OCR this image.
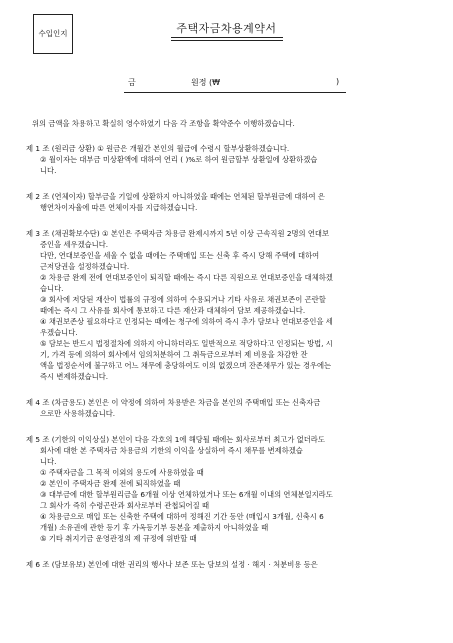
수입인지	주택자금차용계약서
금	원정 (₩	)

위의 금액을 차용하고 확실히 영수하였기 다음 각 조항을 확약준수 이행하겠습니다.

제 1 조 (원리금 상환) ① 원금은 개월간 본인의 월급에 수령시 할부상환하겠습니다.
② 월이자는 대부금 미상환액에 대하여 연리 ( )%로 하여 원금할부 상환일에 상환하겠습
니다.
제 2 조 (연체이자) 할부금을 기일에 상환하지 아니하였을 때에는 연체된 할부원금에 대하여 은
행연차이자율에 따른 연체이자를 지급하겠습니다.
제 3 조 (채권확보수단) ① 본인은 주택자금 차용금 완제시까지 5년 이상 근속직원 2명의 연대보
증인을 세우겠습니다.
다만, 연대보증인을 세울 수 없을 때에는 주택매입 또는 신축 후 즉시 당해 주택에 대하여
근저당권을 설정하겠습니다.
② 차용금 완제 전에 연대보증인이 퇴직할 때에는 즉시 다른 직원으로 연대보증인을 대체하겠
습니다.
③ 회사에 저당된 재산이 법률의 규정에 의하여 수용되거나 기타 사유로 채권보존이 곤란할
때에는 즉시 그 사유를 회사에 통보하고 다른 재산과 대체하여 담보 제공하겠습니다.
④ 채권보존상 필요하다고 인정되는 때에는 청구에 의하여 즉시 추가 담보나 연대보증인을 세
우겠습니다.
⑤ 담보는 반드시 법정절차에 의하지 아니하더라도 일반적으로 적당하다고 인정되는 방법, 시
기, 가격 등에 의하여 회사에서 임의처분하여 그 취득금으로부터 제 비용을 차감한 잔
액을 법정순서에 불구하고 어느 채무에 충당하여도 이의 없겠으며 잔존채무가 있는 경우에는
즉시 변제하겠습니다.
제 4 조 (차금용도) 본인은 이 약정에 의하여 차용받은 차금을 본인의 주택매입 또는 신축자금
으로만 사용하겠습니다.
제 5 조 (기한의 이익상실) 본인이 다음 각호의 1에 해당될 때에는 회사로부터 최고가 없더라도
회사에 대한 본 주택자금 차용금의 기한의 이익을 상실하여 즉시 채무를 변제하겠습
니다.
① 주택자금을 그 목적 이외의 용도에 사용하였을 때
② 본인이 주택자금 완제 전에 퇴직하였을 때
③ 대부금에 대한 할부원리금을 6개월 이상 연체하였거나 또는 6개월 이내의 연체분일지라도
그 회사가 즉히 수령곤란과 회사로부터 관첩되어질 때
④ 차용금으로 매입 또는 신축한 주택에 대하여 정해진 기간 동안 (매입시 3개월, 신축시 6
개월) 소유권에 관한 등기 후 가옥등기부 등본을 제출하지 아니하였을 때
⑤ 기타 취지기금 운영관정의 제 규정에 위반할 때
제 6 조 (담보유보) 본인에 대한 권리의 행사나 보존 또는 담보의 설정 · 해지 · 처분비용 등은
